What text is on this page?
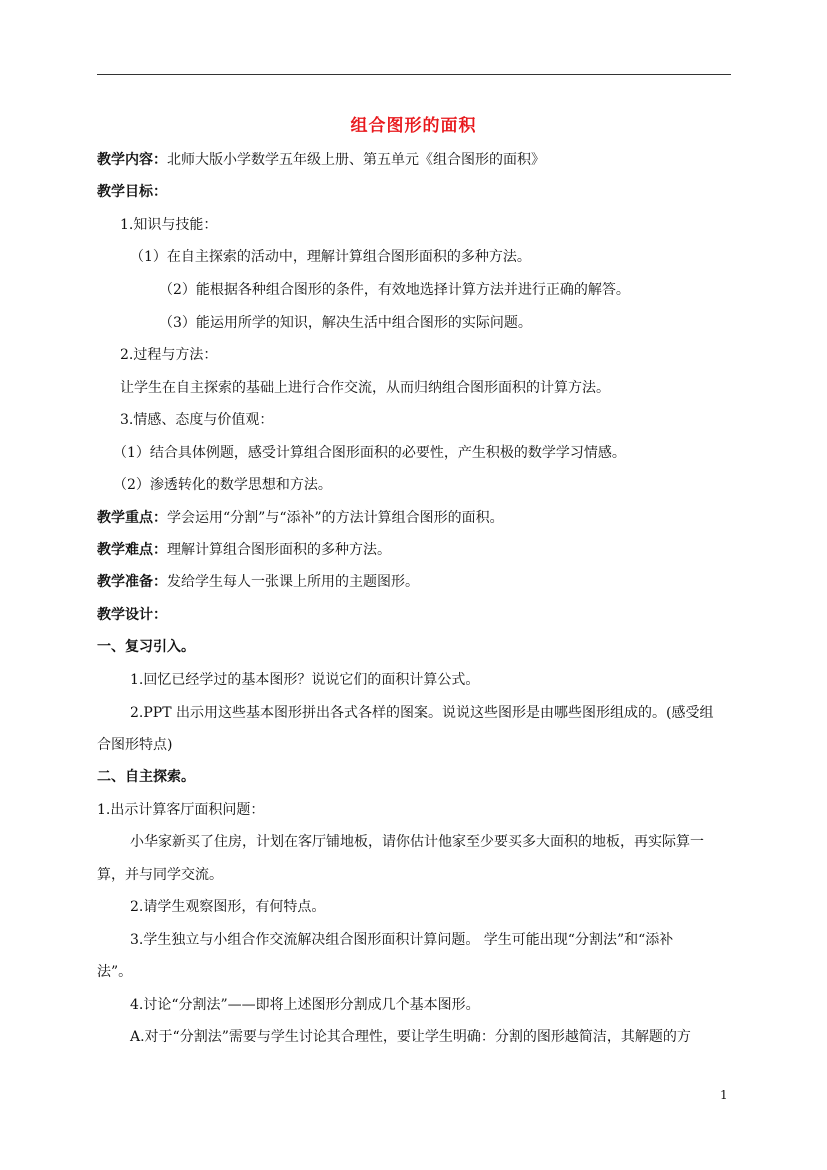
组合图形的面积
教学内容：北师大版小学数学五年级上册、第五单元《组合图形的面积》
教学目标：
1.知识与技能：
（1）在自主探索的活动中，理解计算组合图形面积的多种方法。
（2）能根据各种组合图形的条件，有效地选择计算方法并进行正确的解答。
（3）能运用所学的知识，解决生活中组合图形的实际问题。
2.过程与方法：
让学生在自主探索的基础上进行合作交流，从而归纳组合图形面积的计算方法。
3.情感、态度与价值观：
（1）结合具体例题，感受计算组合图形面积的必要性，产生积极的数学学习情感。
（2）渗透转化的数学思想和方法。
教学重点：学会运用“分割”与“添补”的方法计算组合图形的面积。
教学难点：理解计算组合图形面积的多种方法。
教学准备：发给学生每人一张课上所用的主题图形。
教学设计：
一、复习引入。
1.回忆已经学过的基本图形？说说它们的面积计算公式。
2.PPT 出示用这些基本图形拼出各式各样的图案。说说这些图形是由哪些图形组成的。(感受组
合图形特点)
二、自主探索。
1.出示计算客厅面积问题：
小华家新买了住房，计划在客厅铺地板，请你估计他家至少要买多大面积的地板，再实际算一
算，并与同学交流。
2.请学生观察图形，有何特点。
3.学生独立与小组合作交流解决组合图形面积计算问题。 学生可能出现“分割法”和“添补
法”。
4.讨论“分割法”——即将上述图形分割成几个基本图形。
A.对于“分割法”需要与学生讨论其合理性，要让学生明确：分割的图形越简洁，其解题的方
1
